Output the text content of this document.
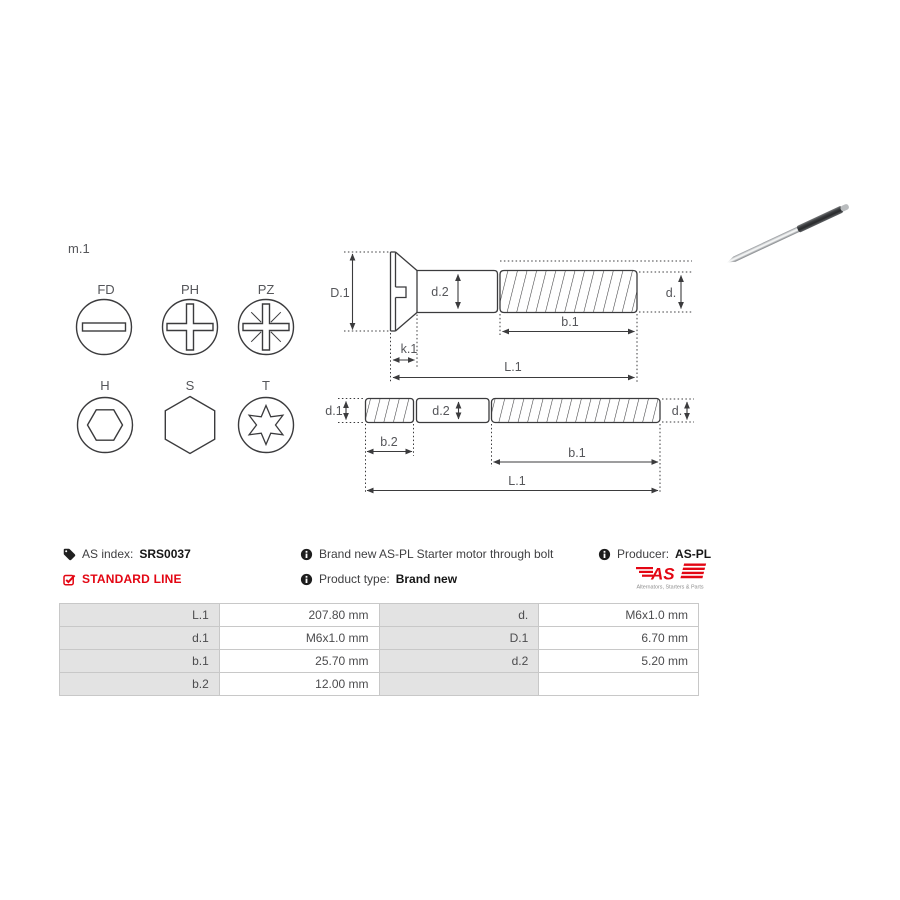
m.1
FD	PH	PZ
H	S	T
D.1	d.2	d.
b.1
k.1
L.1
d.1	d.2	d.
b.2
b.1
L.1
AS index: SRS0037
STANDARD LINE
Brand new AS-PL Starter motor through bolt
Product type: Brand new
Producer: AS-PL
AS
Alternators, Starters & Parts
L.1	207.80 mm	d.	M6x1.0 mm
d.1	M6x1.0 mm	D.1	6.70 mm
b.1	25.70 mm	d.2	5.20 mm
b.2	12.00 mm		
